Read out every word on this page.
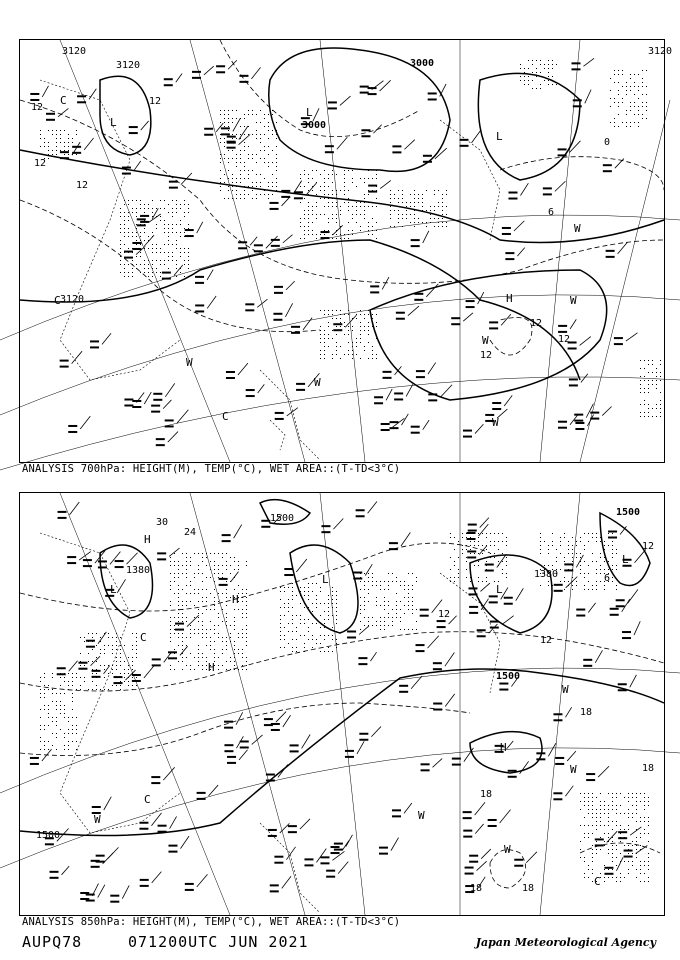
3120
3120
3120
3120
3000
3000
12
12
12
12
12
12
6
0
12
L
L
L
H
C
C
C
W
W
W
W
W
W
ANALYSIS 700hPa: HEIGHT(M), TEMP(°C), WET AREA::(T-TD<3°C)
1500
1500
1500
1500
1380	1380
30
24
18
18
18	18
12
12
18
6
12
H
H
H
H
L
L
L
L
C
C
C
W	W
W
W
W
ANALYSIS 850hPa: HEIGHT(M), TEMP(°C), WET AREA::(T-TD<3°C)
AUPQ78	071200UTC JUN 2021	Japan Meteorological Agency
